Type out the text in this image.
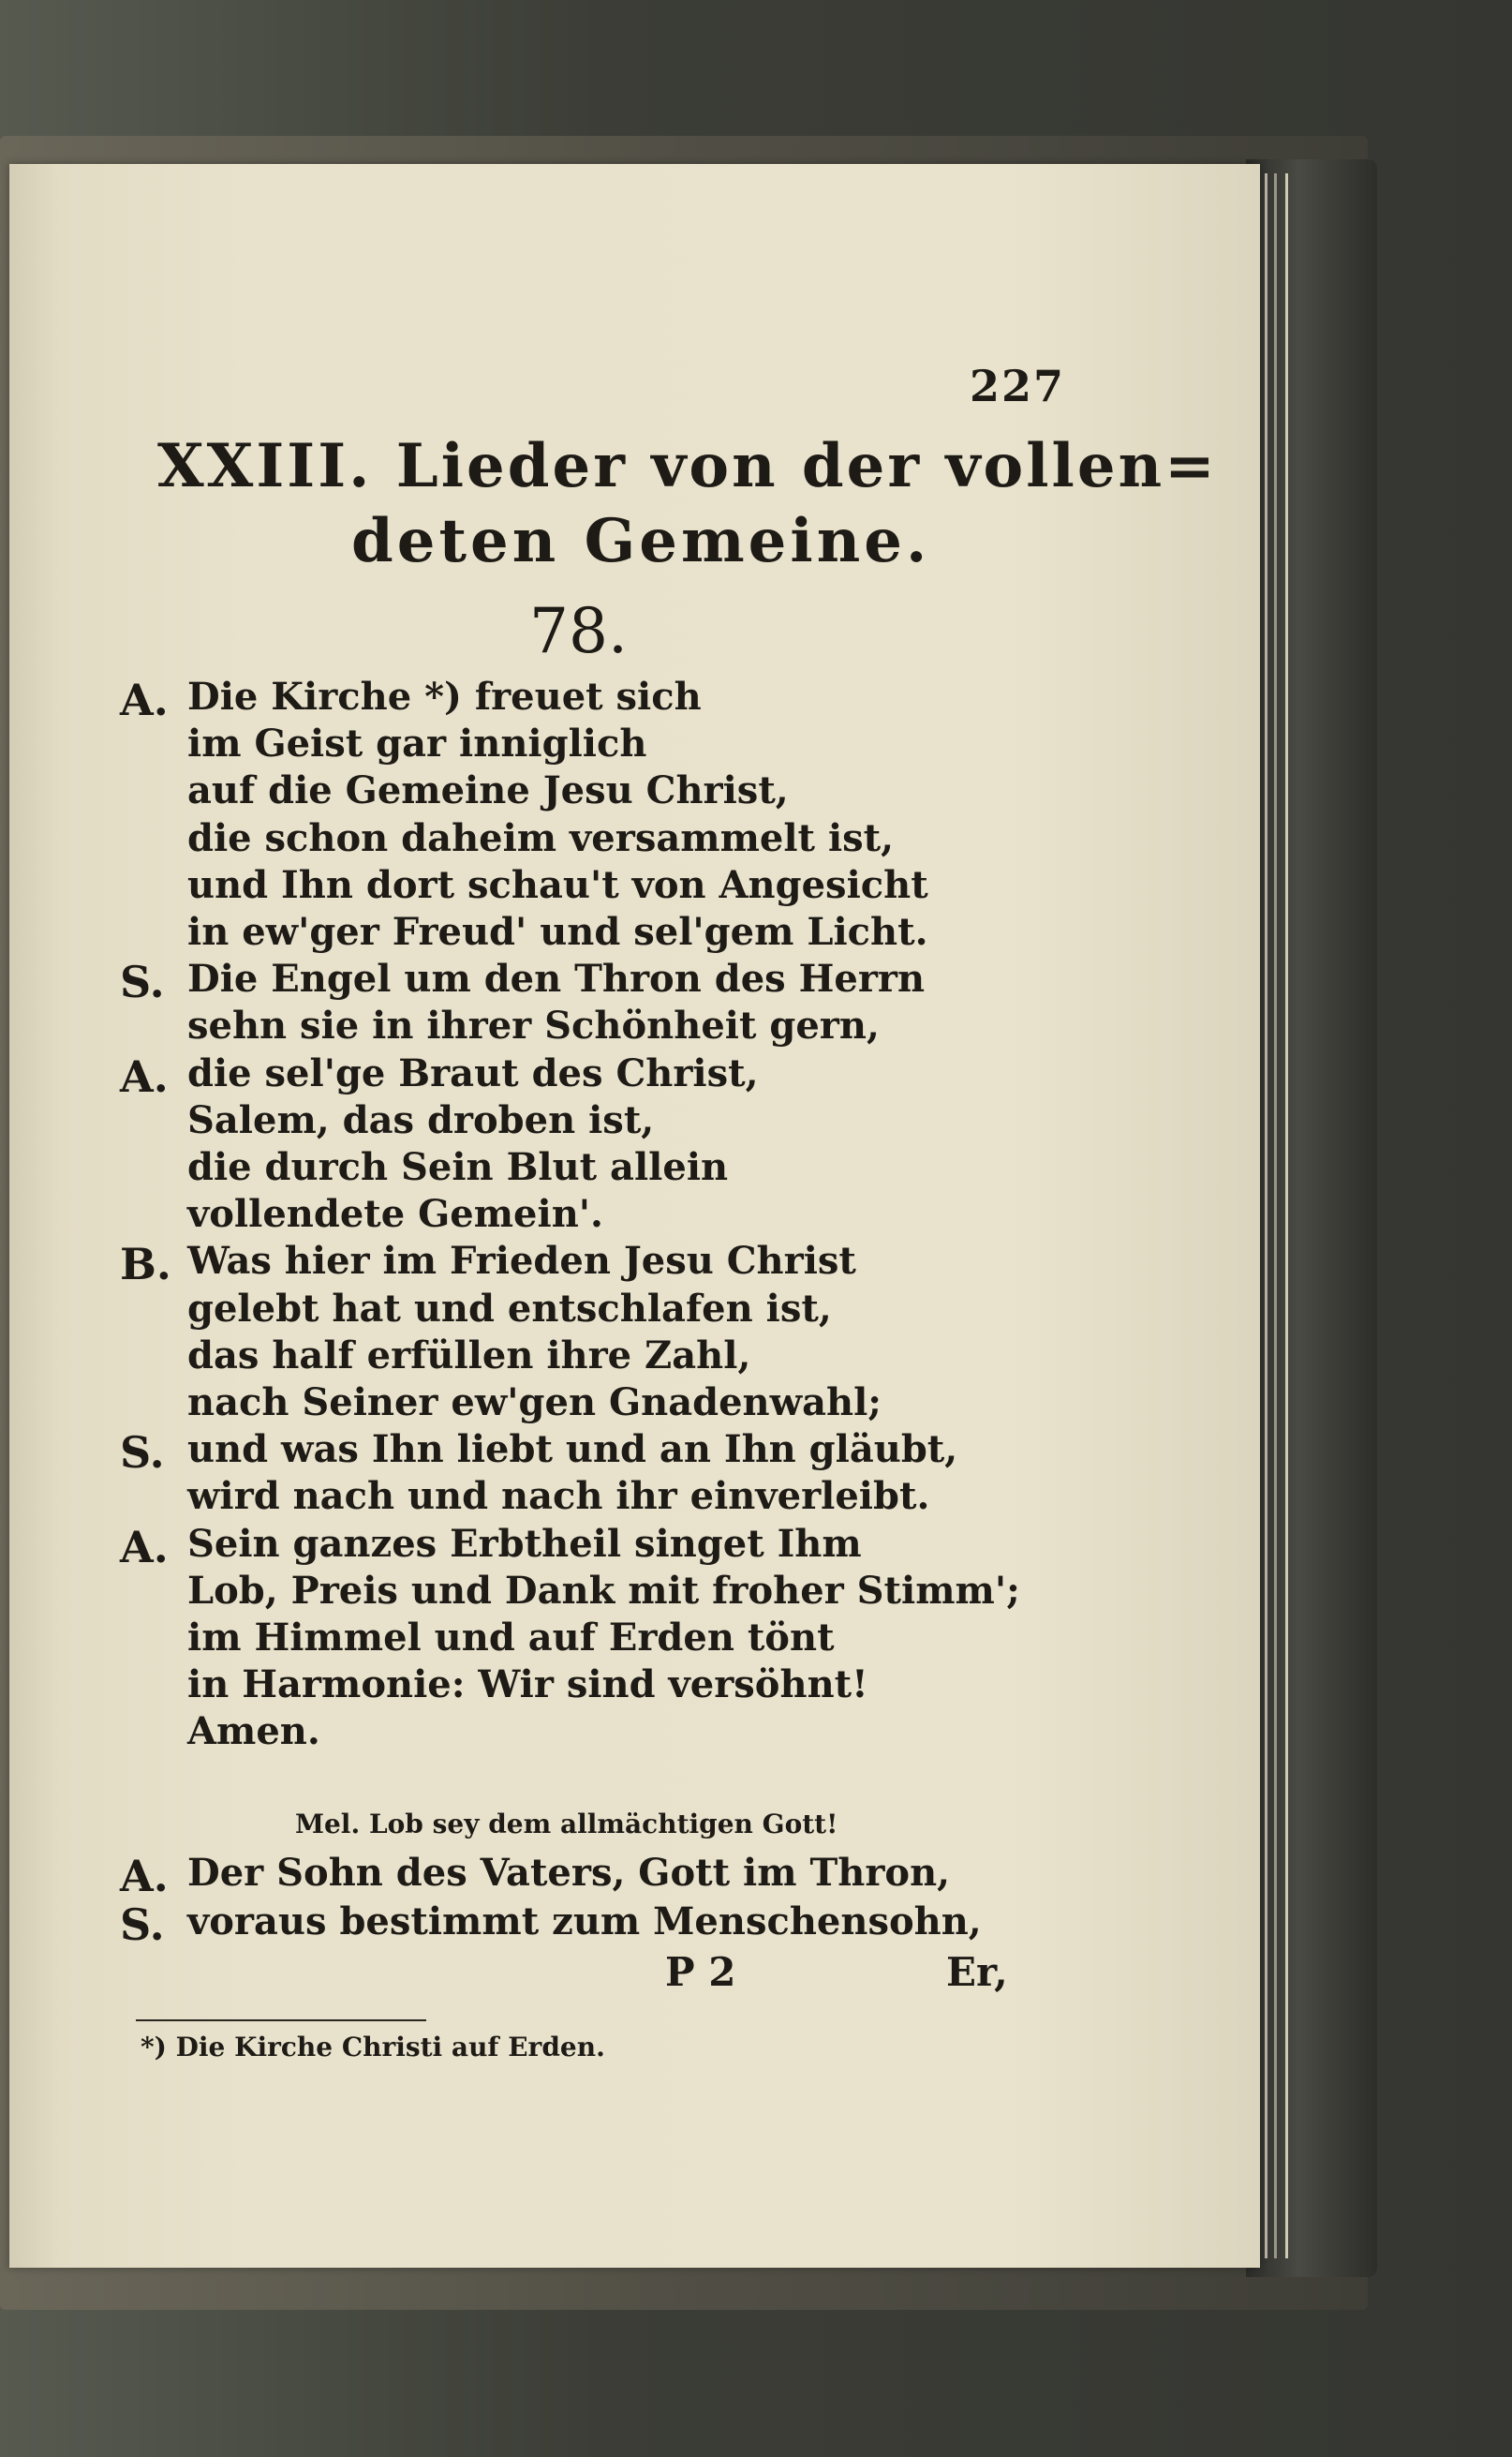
227
XXIII. Lieder von der vollen=
deten Gemeine.
78.
A. Die Kirche *) freuet sich
im Geist gar inniglich
auf die Gemeine Jesu Christ,
die schon daheim versammelt ist,
und Ihn dort schau't von Angesicht
in ew'ger Freud' und sel'gem Licht.
S. Die Engel um den Thron des Herrn
sehn sie in ihrer Schönheit gern,
A. die sel'ge Braut des Christ,
Salem, das droben ist,
die durch Sein Blut allein
vollendete Gemein'.
B. Was hier im Frieden Jesu Christ
gelebt hat und entschlafen ist,
das half erfüllen ihre Zahl,
nach Seiner ew'gen Gnadenwahl;
S. und was Ihn liebt und an Ihn gläubt,
wird nach und nach ihr einverleibt.
A. Sein ganzes Erbtheil singet Ihm
Lob, Preis und Dank mit froher Stimm';
im Himmel und auf Erden tönt
in Harmonie: Wir sind versöhnt!
Amen.
Mel. Lob sey dem allmächtigen Gott!
A. Der Sohn des Vaters, Gott im Thron,
S. voraus bestimmt zum Menschensohn,
P 2	Er,
*) Die Kirche Christi auf Erden.
